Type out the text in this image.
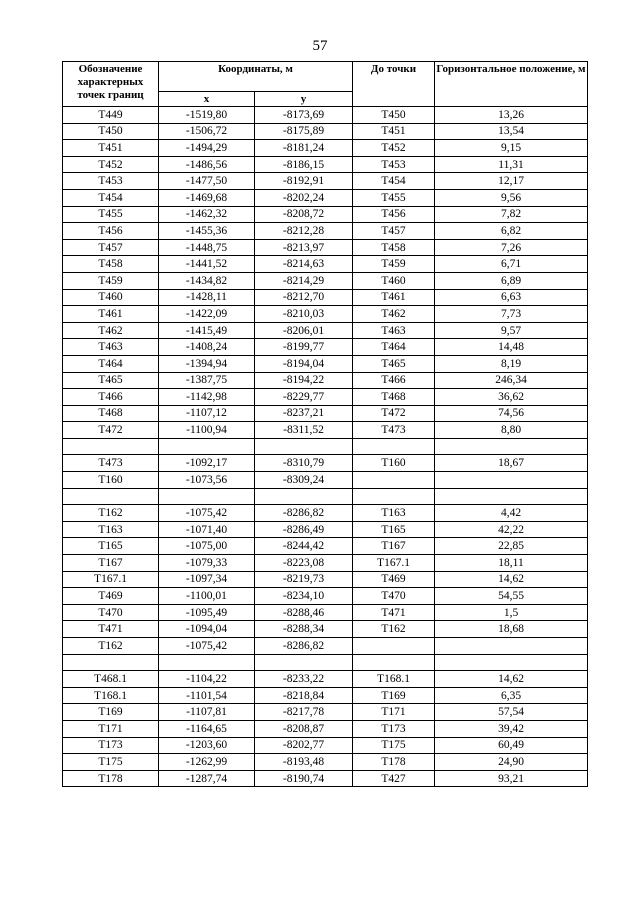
57
Обозначение характерных точек границ	Координаты, м		До точки	Горизонтальное положение, м
	x	y		
Т449	-1519,80	-8173,69	Т450	13,26
Т450	-1506,72	-8175,89	Т451	13,54
Т451	-1494,29	-8181,24	Т452	9,15
Т452	-1486,56	-8186,15	Т453	11,31
Т453	-1477,50	-8192,91	Т454	12,17
Т454	-1469,68	-8202,24	Т455	9,56
Т455	-1462,32	-8208,72	Т456	7,82
Т456	-1455,36	-8212,28	Т457	6,82
Т457	-1448,75	-8213,97	Т458	7,26
Т458	-1441,52	-8214,63	Т459	6,71
Т459	-1434,82	-8214,29	Т460	6,89
Т460	-1428,11	-8212,70	Т461	6,63
Т461	-1422,09	-8210,03	Т462	7,73
Т462	-1415,49	-8206,01	Т463	9,57
Т463	-1408,24	-8199,77	Т464	14,48
Т464	-1394,94	-8194,04	Т465	8,19
Т465	-1387,75	-8194,22	Т466	246,34
Т466	-1142,98	-8229,77	Т468	36,62
Т468	-1107,12	-8237,21	Т472	74,56
Т472	-1100,94	-8311,52	Т473	8,80

Т473	-1092,17	-8310,79	Т160	18,67
Т160	-1073,56	-8309,24		

Т162	-1075,42	-8286,82	Т163	4,42
Т163	-1071,40	-8286,49	Т165	42,22
Т165	-1075,00	-8244,42	Т167	22,85
Т167	-1079,33	-8223,08	Т167.1	18,11
Т167.1	-1097,34	-8219,73	Т469	14,62
Т469	-1100,01	-8234,10	Т470	54,55
Т470	-1095,49	-8288,46	Т471	1,5
Т471	-1094,04	-8288,34	Т162	18,68
Т162	-1075,42	-8286,82		

Т468.1	-1104,22	-8233,22	Т168.1	14,62
Т168.1	-1101,54	-8218,84	Т169	6,35
Т169	-1107,81	-8217,78	Т171	57,54
Т171	-1164,65	-8208,87	Т173	39,42
Т173	-1203,60	-8202,77	Т175	60,49
Т175	-1262,99	-8193,48	Т178	24,90
Т178	-1287,74	-8190,74	Т427	93,21
